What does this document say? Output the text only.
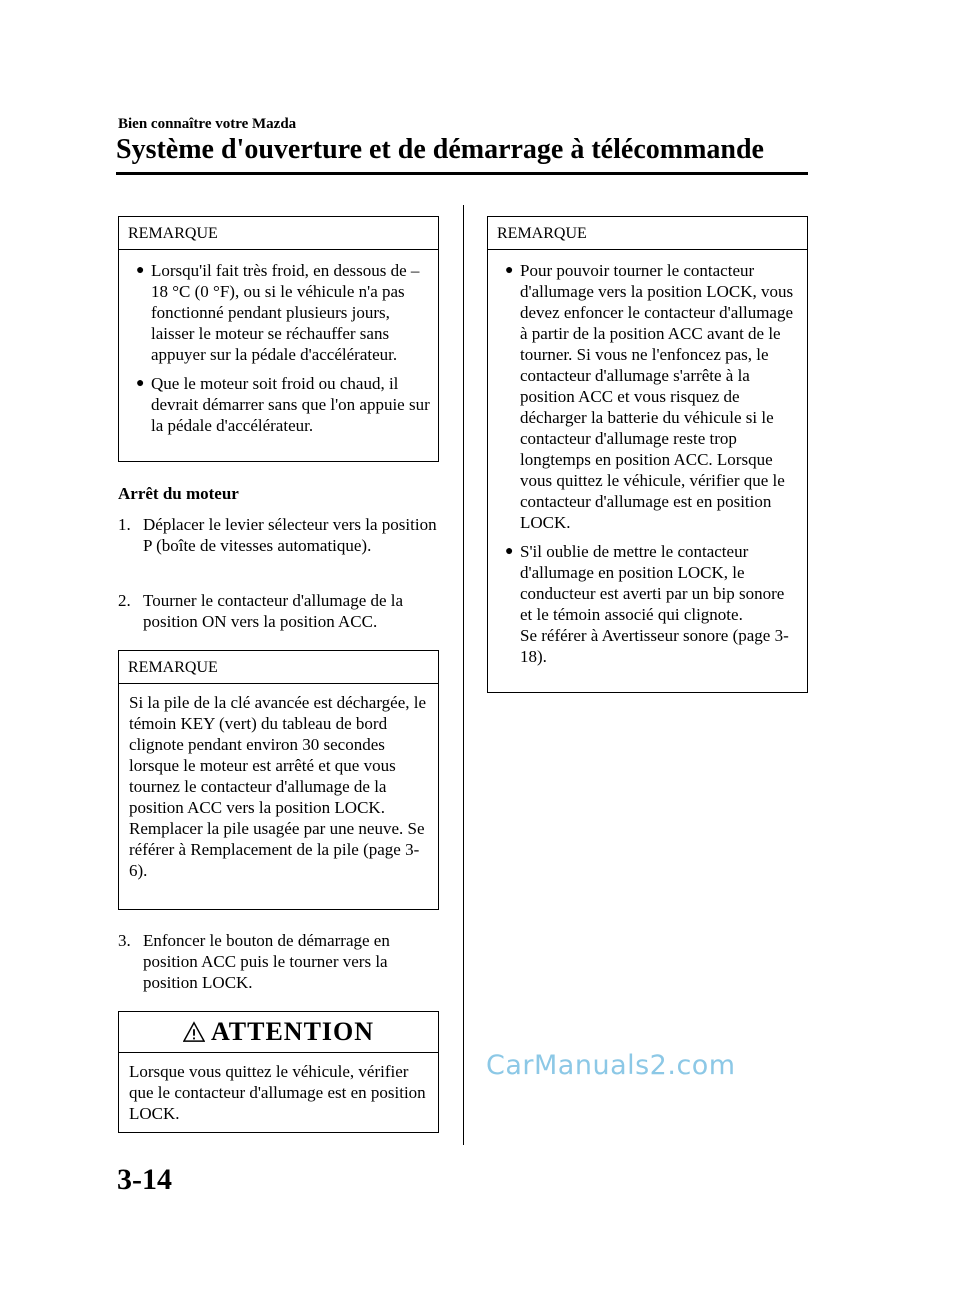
Bien connaître votre Mazda
Système d'ouverture et de démarrage à télécommande
REMARQUE
● Lorsqu'il fait très froid, en dessous de –18 °C (0 °F), ou si le véhicule n'a pas fonctionné pendant plusieurs jours, laisser le moteur se réchauffer sans appuyer sur la pédale d'accélérateur.
● Que le moteur soit froid ou chaud, il devrait démarrer sans que l'on appuie sur la pédale d'accélérateur.
Arrêt du moteur
1. Déplacer le levier sélecteur vers la position P (boîte de vitesses automatique).
2. Tourner le contacteur d'allumage de la position ON vers la position ACC.
REMARQUE
Si la pile de la clé avancée est déchargée, le témoin KEY (vert) du tableau de bord clignote pendant environ 30 secondes lorsque le moteur est arrêté et que vous tournez le contacteur d'allumage de la position ACC vers la position LOCK. Remplacer la pile usagée par une neuve. Se référer à Remplacement de la pile (page 3-6).
3. Enfoncer le bouton de démarrage en position ACC puis le tourner vers la position LOCK.
ATTENTION
Lorsque vous quittez le véhicule, vérifier que le contacteur d'allumage est en position LOCK.
REMARQUE
● Pour pouvoir tourner le contacteur d'allumage vers la position LOCK, vous devez enfoncer le contacteur d'allumage à partir de la position ACC avant de le tourner. Si vous ne l'enfoncez pas, le contacteur d'allumage s'arrête à la position ACC et vous risquez de décharger la batterie du véhicule si le contacteur d'allumage reste trop longtemps en position ACC. Lorsque vous quittez le véhicule, vérifier que le contacteur d'allumage est en position LOCK.
● S'il oublie de mettre le contacteur d'allumage en position LOCK, le conducteur est averti par un bip sonore et le témoin associé qui clignote.
Se référer à Avertisseur sonore (page 3-18).
CarManuals2.com
3-14
